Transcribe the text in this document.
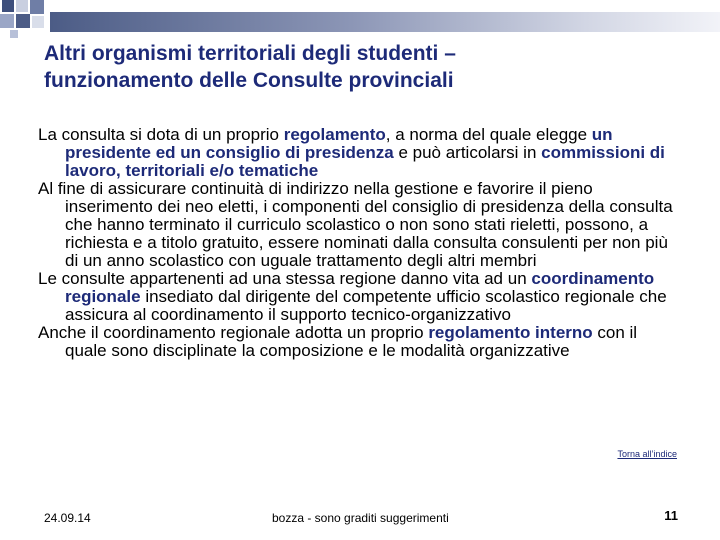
Altri organismi territoriali degli studenti –
funzionamento delle Consulte provinciali

La consulta si dota di un proprio regolamento, a norma del quale elegge un presidente ed un consiglio di presidenza e può articolarsi in commissioni di lavoro, territoriali e/o tematiche

Al fine di assicurare continuità di indirizzo nella gestione e favorire il pieno inserimento dei neo eletti, i componenti del consiglio di presidenza della consulta che hanno terminato il curriculo scolastico o non sono stati rieletti, possono, a richiesta e a titolo gratuito, essere nominati dalla consulta consulenti per non più di un anno scolastico con uguale trattamento degli altri membri

Le consulte appartenenti ad una stessa regione danno vita ad un coordinamento regionale insediato dal dirigente del competente ufficio scolastico regionale che assicura al coordinamento il supporto tecnico-organizzativo

Anche il coordinamento regionale adotta un proprio regolamento interno con il quale sono disciplinate la composizione e le modalità organizzative

Torna all’indice
24.09.14	bozza - sono graditi suggerimenti	11
